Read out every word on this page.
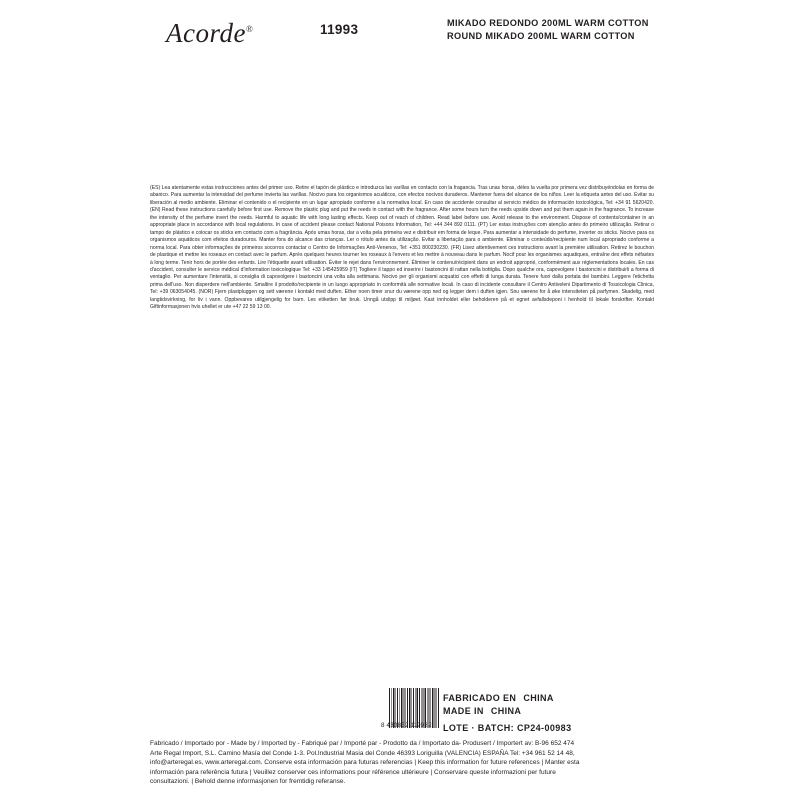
Acorde®	11993	MIKADO REDONDO 200ML WARM COTTON
ROUND MIKADO 200ML WARM COTTON
(ES) Lea atentamente estas instrucciones antes del primer uso. Retire el tapón de plástico e introduzca las varillas en contacto con la fragancia. Tras unas horas, déles la vuelta por primera vez distribuyéndolas en forma de abanico. Para aumentar la intensidad del perfume invierta las varillas. Nocivo para los organismos acuáticos, con efectos nocivos duraderos. Mantener fuera del alcance de los niños. Leer la etiqueta antes del uso. Evitar su liberación al medio ambiente. Eliminar el contenido o el recipiente en un lugar apropiado conforme a la normativa local. En caso de accidente consultar al servicio médico de información toxicológica, Tel: +34 91 5620420. (EN) Read these instructions carefully before first use. Remove the plastic plug and put the reeds in contact with the fragrance. After some hours turn the reeds upside down and put them again in the fragrance. To increase the intensity of the perfume invert the reeds. Harmful to aquatic life with long lasting effects. Keep out of reach of children. Read label before use. Avoid release to the environment. Dispose of contents/container in an appropriate place in accordance with local regulations. In case of accident please contact National Poisons Information, Tel: +44 344 892 0111. (PT) Ler estas instruções com atenção antes do primeiro utilização. Retirar o tampo de plástico e colocar os sticks em contacto com a fragrância. Após umas horas, dar a volta pela primeira vez e distribuir em forma de leque. Para aumentar a intensidade do perfume, inverter os sticks. Nocivo para os organismos aquáticos com efeitos duradouros. Manter fora do alcance das crianças. Ler o rótulo antes da utilização. Evitar a libertação para o ambiente. Eliminar o conteúdo/recipiente num local apropriado conforme a norma local. Para obter informações de primeiros socorros contactar o Centro de Informações Anti-Venenos, Tel: +351 800230230. (FR) Lisez attentivement ces instructions avant la première utilisation. Retirez le bouchon de plastique et mettre les roseaux en contact avec le parfum. Après quelques heures tourner les roseaux à l'envers et les mettre à nouveau dans le parfum. Nocif pour les organismes aquatiques, entraîne des effets néfastes à long terme. Tenir hors de portée des enfants. Lire l'étiquette avant utilisation. Éviter le rejet dans l'environnement. Éliminer le contenu/récipient dans un endroit approprié, conformément aux réglementations locales. En cas d'accident, consulter le service médical d'information toxicologique Tel: +33 145425959 (IT) Togliere il tappo ed inserire i bastoncini di rattan nella bottiglia. Dopo qualche ora, capovolgere i bastoncini e distribuirli a forma di ventaglio. Per aumentare l'intensità, si consiglia di capovolgere i bastoncini una volta alla settimana. Nocivo per gli organismi acquatici con effetti di lunga durata. Tenere fuori dalla portata dei bambini. Leggere l'etichetta prima dell'uso. Non disperdere nell'ambiente. Smaltire il prodotto/recipiente in un luogo appropriato in conformità alle normative locali. In caso di incidente consultare il Centro Antiveleni Dipartimento di Tossicologia Clinica, Tel: +39 063054045. (NOR) Fjern plastpluggen og sett værene i kontakt med duften. Ether noen timer snur du værene opp ned og legger dem i duften igjen. Snu værene for å øke intensiteten på parfymen. Skadelig, med langtidsvirkning, for liv i vann. Oppbevares utilgjengelig for barn. Les etiketten før bruk. Unngå utslipp til miljøet. Kast innholdet eller beholderen på et egnet avfallsdeponi i henhold til lokale forskrifter. Kontakt Giftinformasjonen hvis uhellet er ute +47 22 59 13 00.
8 430852 119932
FABRICADO EN CHINA
MADE IN CHINA
LOTE · BATCH: CP24-00983

Fabricado / Importado por - Made by / Imported by - Fabriqué par / Importé par - Prodotto da / Importato da- Produsert / Importert av: B-96 652 474

Arte Regal Import, S.L. Camino Masía del Conde 1-3. Pol.Industrial Masia del Conde 46393 Loriguilla (VALENCIA) ESPAÑA Tel: +34 961 52 14 48,

info@arteregal.es, www.arteregal.com. Conserve esta información para futuras referencias | Keep this information for future references | Manter esta

información para referência futura | Veuillez conserver ces informations pour référence ultérieure | Conservare queste informazioni per future

consultazioni. | Behold denne informasjonen for fremtidig referanse.
